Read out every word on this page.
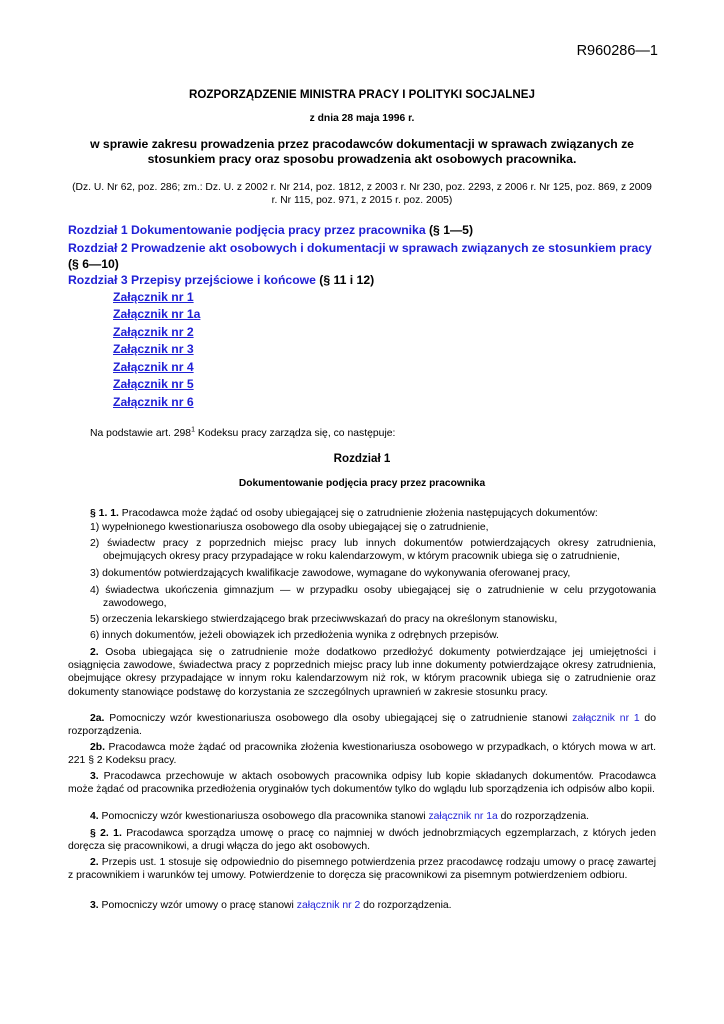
R960286—1
ROZPORZĄDZENIE MINISTRA PRACY I POLITYKI SOCJALNEJ
z dnia 28 maja 1996 r.
w sprawie zakresu prowadzenia przez pracodawców dokumentacji w sprawach związanych ze stosunkiem pracy oraz sposobu prowadzenia akt osobowych pracownika.
(Dz. U. Nr 62, poz. 286; zm.: Dz. U. z 2002 r. Nr 214, poz. 1812, z 2003 r. Nr 230, poz. 2293, z 2006 r. Nr 125, poz. 869, z 2009 r. Nr 115, poz. 971, z 2015 r. poz. 2005)
Rozdział 1 Dokumentowanie podjęcia pracy przez pracownika (§ 1—5)
Rozdział 2 Prowadzenie akt osobowych i dokumentacji w sprawach związanych ze stosunkiem pracy (§ 6—10)
Rozdział 3 Przepisy przejściowe i końcowe (§ 11 i 12)
Załącznik nr 1
Załącznik nr 1a
Załącznik nr 2
Załącznik nr 3
Załącznik nr 4
Załącznik nr 5
Załącznik nr 6
Na podstawie art. $298^1$ Kodeksu pracy zarządza się, co następuje:
Rozdział 1
Dokumentowanie podjęcia pracy przez pracownika
§ 1. 1. Pracodawca może żądać od osoby ubiegającej się o zatrudnienie złożenia następujących dokumentów:
1) wypełnionego kwestionariusza osobowego dla osoby ubiegającej się o zatrudnienie,
2) świadectw pracy z poprzednich miejsc pracy lub innych dokumentów potwierdzających okresy zatrudnienia, obejmujących okresy pracy przypadające w roku kalendarzowym, w którym pracownik ubiega się o zatrudnienie,
3) dokumentów potwierdzających kwalifikacje zawodowe, wymagane do wykonywania oferowanej pracy,
4) świadectwa ukończenia gimnazjum — w przypadku osoby ubiegającej się o zatrudnienie w celu przygotowania zawodowego,
5) orzeczenia lekarskiego stwierdzającego brak przeciwwskazań do pracy na określonym stanowisku,
6) innych dokumentów, jeżeli obowiązek ich przedłożenia wynika z odrębnych przepisów.
2. Osoba ubiegająca się o zatrudnienie może dodatkowo przedłożyć dokumenty potwierdzające jej umiejętności i osiągnięcia zawodowe, świadectwa pracy z poprzednich miejsc pracy lub inne dokumenty potwierdzające okresy zatrudnienia, obejmujące okresy przypadające w innym roku kalendarzowym niż rok, w którym pracownik ubiega się o zatrudnienie oraz dokumenty stanowiące podstawę do korzystania ze szczególnych uprawnień w zakresie stosunku pracy.
2a. Pomocniczy wzór kwestionariusza osobowego dla osoby ubiegającej się o zatrudnienie stanowi załącznik nr 1 do rozporządzenia.
2b. Pracodawca może żądać od pracownika złożenia kwestionariusza osobowego w przypadkach, o których mowa w art. 221 § 2 Kodeksu pracy.
3. Pracodawca przechowuje w aktach osobowych pracownika odpisy lub kopie składanych dokumentów. Pracodawca może żądać od pracownika przedłożenia oryginałów tych dokumentów tylko do wglądu lub sporządzenia ich odpisów albo kopii.
4. Pomocniczy wzór kwestionariusza osobowego dla pracownika stanowi załącznik nr 1a do rozporządzenia.
§ 2. 1. Pracodawca sporządza umowę o pracę co najmniej w dwóch jednobrzmiących egzemplarzach, z których jeden doręcza się pracownikowi, a drugi włącza do jego akt osobowych.
2. Przepis ust. 1 stosuje się odpowiednio do pisemnego potwierdzenia przez pracodawcę rodzaju umowy o pracę zawartej z pracownikiem i warunków tej umowy. Potwierdzenie to doręcza się pracownikowi za pisemnym potwierdzeniem odbioru.
3. Pomocniczy wzór umowy o pracę stanowi załącznik nr 2 do rozporządzenia.
